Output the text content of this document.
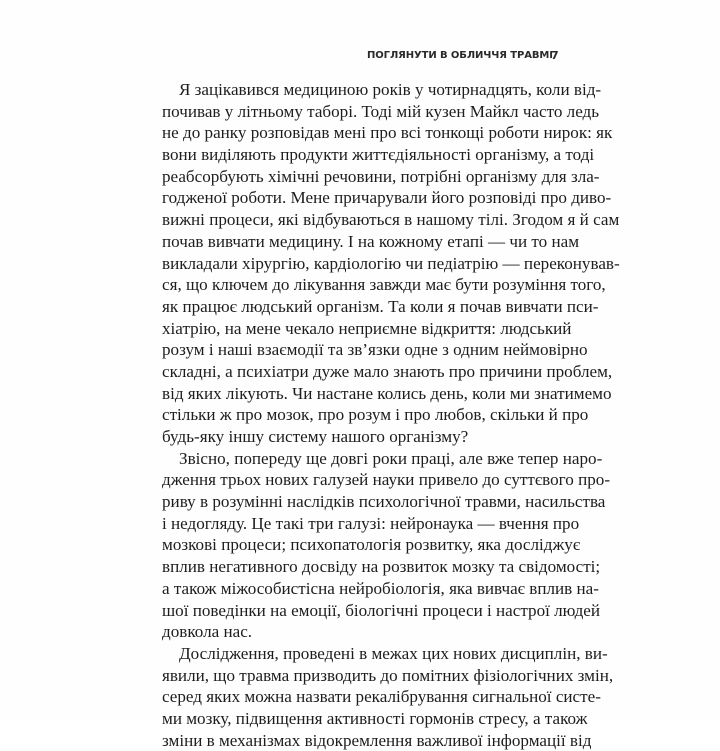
ПОГЛЯНУТИ В ОБЛИЧЧЯ ТРАВМІ
7
Я зацікавився медициною років у чотирнадцять, коли від-
почивав у літньому таборі. Тоді мій кузен Майкл часто ледь
не до ранку розповідав мені про всі тонкощі роботи нирок: як
вони виділяють продукти життєдіяльності організму, а тоді
реабсорбують хімічні речовини, потрібні організму для зла-
годженої роботи. Мене причарували його розповіді про диво-
вижні процеси, які відбуваються в нашому тілі. Згодом я й сам
почав вивчати медицину. І на кожному етапі — чи то нам
викладали хірургію, кардіологію чи педіатрію — переконував-
ся, що ключем до лікування завжди має бути розуміння того,
як працює людський організм. Та коли я почав вивчати пси-
хіатрію, на мене чекало неприємне відкриття: людський
розум і наші взаємодії та зв’язки одне з одним неймовірно
складні, а психіатри дуже мало знають про причини проблем,
від яких лікують. Чи настане колись день, коли ми знатимемо
стільки ж про мозок, про розум і про любов, скільки й про
будь-яку іншу систему нашого організму?
Звісно, попереду ще довгі роки праці, але вже тепер наро-
дження трьох нових галузей науки привело до суттєвого про-
риву в розумінні наслідків психологічної травми, насильства
і недогляду. Це такі три галузі: нейронаука — вчення про
мозкові процеси; психопатологія розвитку, яка досліджує
вплив негативного досвіду на розвиток мозку та свідомості;
а також міжособистісна нейробіологія, яка вивчає вплив на-
шої поведінки на емоції, біологічні процеси і настрої людей
довкола нас.
Дослідження, проведені в межах цих нових дисциплін, ви-
явили, що травма призводить до помітних фізіологічних змін,
серед яких можна назвати рекалібрування сигнальної систе-
ми мозку, підвищення активності гормонів стресу, а також
зміни в механізмах відокремлення важливої інформації від
